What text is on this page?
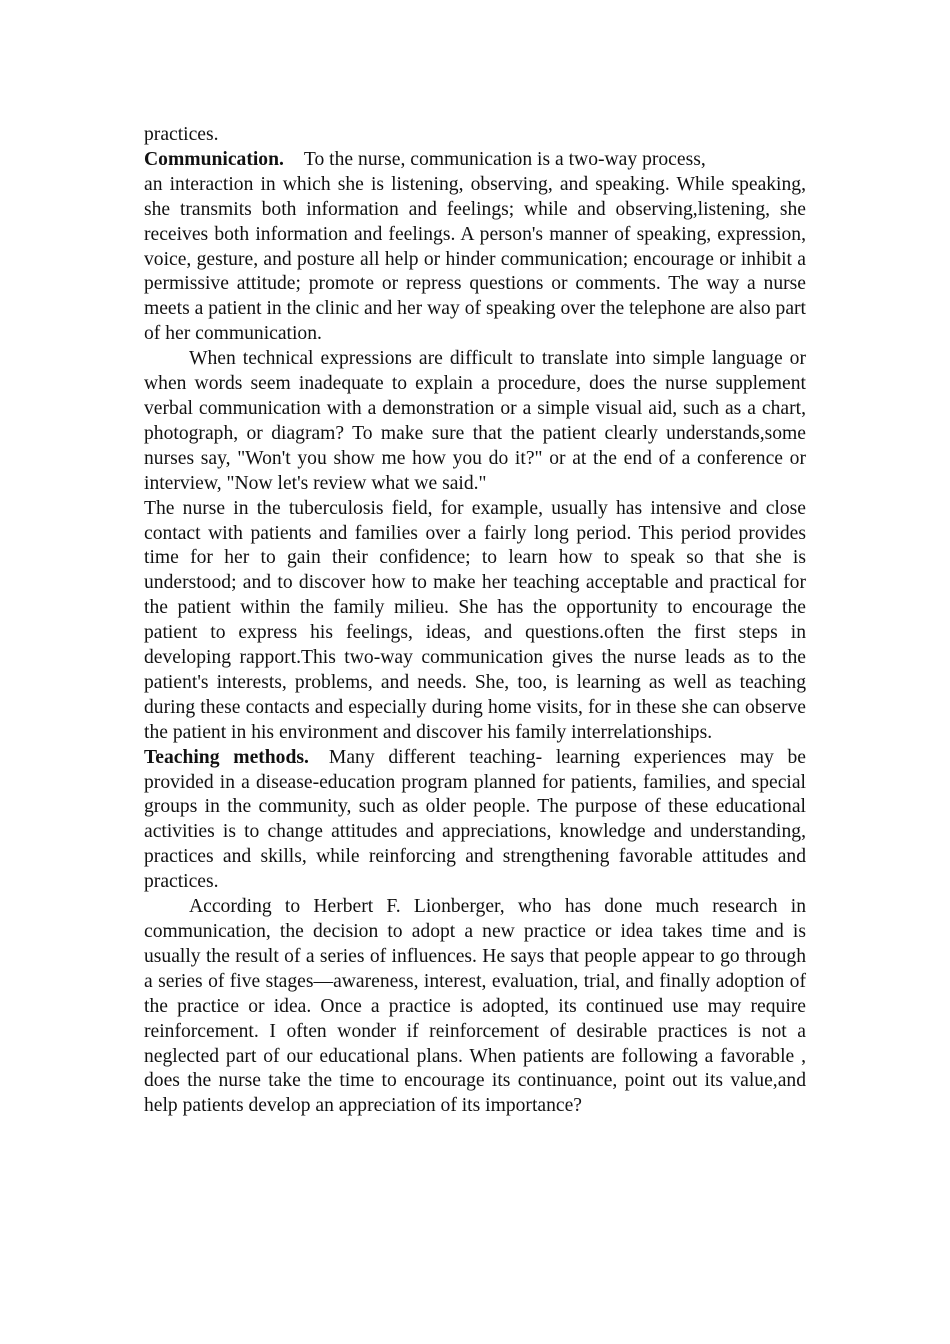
practices.

Communication. To the nurse, communication is a two-way process,
an interaction in which she is listening, observing, and speaking. While speaking, she transmits both information and feelings; while and observing,listening, she receives both information and feelings. A person's manner of speaking, expression, voice, gesture, and posture all help or hinder communication; encourage or inhibit a permissive attitude; promote or repress questions or comments. The way a nurse meets a patient in the clinic and her way of speaking over the telephone are also part of her communication.

When technical expressions are difficult to translate into simple language or when words seem inadequate to explain a procedure, does the nurse supplement verbal communication with a demonstration or a simple visual aid, such as a chart, photograph, or diagram? To make sure that the patient clearly understands,some nurses say, "Won't you show me how you do it?" or at the end of a conference or interview, "Now let's review what we said."

The nurse in the tuberculosis field, for example, usually has intensive and close contact with patients and families over a fairly long period. This period provides time for her to gain their confidence; to learn how to speak so that she is understood; and to discover how to make her teaching acceptable and practical for the patient within the family milieu. She has the opportunity to encourage the patient to express his feelings, ideas, and questions.often the first steps in developing rapport.This two-way communication gives the nurse leads as to the patient's interests, problems, and needs. She, too, is learning as well as teaching during these contacts and especially during home visits, for in these she can observe the patient in his environment and discover his family interrelationships.

Teaching methods. Many different teaching- learning experiences may be provided in a disease-education program planned for patients, families, and special groups in the community, such as older people. The purpose of these educational activities is to change attitudes and appreciations, knowledge and understanding, practices and skills, while reinforcing and strengthening favorable attitudes and practices.

According to Herbert F. Lionberger, who has done much research in communication, the decision to adopt a new practice or idea takes time and is usually the result of a series of influences. He says that people appear to go through a series of five stages—awareness, interest, evaluation, trial, and finally adoption of the practice or idea. Once a practice is adopted, its continued use may require reinforcement. I often wonder if reinforcement of desirable practices is not a neglected part of our educational plans. When patients are following a favorable , does the nurse take the time to encourage its continuance, point out its value,and help patients develop an appreciation of its importance?
